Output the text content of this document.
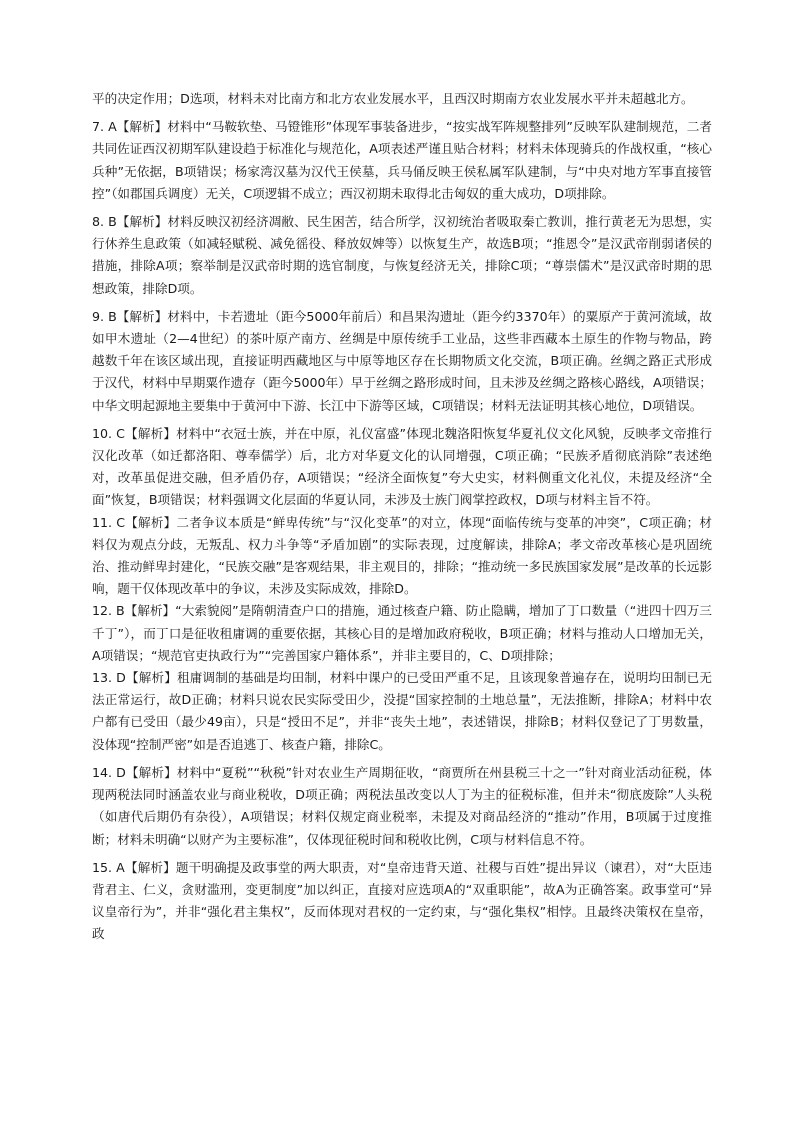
平的决定作用；D选项，材料未对比南方和北方农业发展水平，且西汉时期南方农业发展水平并未超越北方。

7. A【解析】材料中“马鞍软垫、马镫锥形”体现军事装备进步，“按实战军阵规整排列”反映军队建制规范，二者共同佐证西汉初期军队建设趋于标准化与规范化，A项表述严谨且贴合材料；材料未体现骑兵的作战权重，“核心兵种”无依据，B项错误；杨家湾汉墓为汉代王侯墓，兵马俑反映王侯私属军队建制，与“中央对地方军事直接管控”（如郡国兵调度）无关，C项逻辑不成立；西汉初期未取得北击匈奴的重大成功，D项排除。

8. B【解析】材料反映汉初经济凋敝、民生困苦，结合所学，汉初统治者吸取秦亡教训，推行黄老无为思想，实行休养生息政策（如减轻赋税、减免徭役、释放奴婢等）以恢复生产，故选B项；“推恩令”是汉武帝削弱诸侯的措施，排除A项；察举制是汉武帝时期的选官制度，与恢复经济无关，排除C项；“尊崇儒术”是汉武帝时期的思想政策，排除D项。

9. B【解析】材料中，卡若遗址（距今5000年前后）和昌果沟遗址（距今约3370年）的粟原产于黄河流域，故如甲木遗址（2—4世纪）的茶叶原产南方、丝绸是中原传统手工业品，这些非西藏本土原生的作物与物品，跨越数千年在该区域出现，直接证明西藏地区与中原等地区存在长期物质文化交流，B项正确。丝绸之路正式形成于汉代，材料中早期粟作遗存（距今5000年）早于丝绸之路形成时间，且未涉及丝绸之路核心路线，A项错误；中华文明起源地主要集中于黄河中下游、长江中下游等区域，C项错误；材料无法证明其核心地位，D项错误。

10. C【解析】材料中“衣冠士族，并在中原，礼仪富盛”体现北魏洛阳恢复华夏礼仪文化风貌，反映孝文帝推行汉化改革（如迁都洛阳、尊奉儒学）后，北方对华夏文化的认同增强，C项正确；“民族矛盾彻底消除”表述绝对，改革虽促进交融，但矛盾仍存，A项错误；“经济全面恢复”夸大史实，材料侧重文化礼仪，未提及经济“全面”恢复，B项错误；材料强调文化层面的华夏认同，未涉及士族门阀掌控政权，D项与材料主旨不符。

11. C【解析】二者争议本质是“鲜卑传统”与“汉化变革”的对立，体现“面临传统与变革的冲突”，C项正确；材料仅为观点分歧，无叛乱、权力斗争等“矛盾加剧”的实际表现，过度解读，排除A；孝文帝改革核心是巩固统治、推动鲜卑封建化，“民族交融”是客观结果，非主观目的，排除；“推动统一多民族国家发展”是改革的长远影响，题干仅体现改革中的争议，未涉及实际成效，排除D。

12. B【解析】“大索貌阅”是隋朝清查户口的措施，通过核查户籍、防止隐瞒，增加了丁口数量（“进四十四万三千丁”），而丁口是征收租庸调的重要依据，其核心目的是增加政府税收，B项正确；材料与推动人口增加无关，A项错误；“规范官吏执政行为”“完善国家户籍体系”，并非主要目的，C、D项排除；

13. D【解析】租庸调制的基础是均田制，材料中课户的已受田严重不足，且该现象普遍存在，说明均田制已无法正常运行，故D正确；材料只说农民实际受田少，没提“国家控制的土地总量”，无法推断，排除A；材料中农户都有已受田（最少49亩），只是“授田不足”，并非“丧失土地”，表述错误，排除B；材料仅登记了丁男数量，没体现“控制严密”如是否追逃丁、核查户籍，排除C。

14. D【解析】材料中“夏税”“秋税”针对农业生产周期征收，“商贾所在州县税三十之一”针对商业活动征税，体现两税法同时涵盖农业与商业税收，D项正确；两税法虽改变以人丁为主的征税标准，但并未“彻底废除”人头税（如唐代后期仍有杂役），A项错误；材料仅规定商业税率，未提及对商品经济的“推动”作用，B项属于过度推断；材料未明确“以财产为主要标准”，仅体现征税时间和税收比例，C项与材料信息不符。

15. A【解析】题干明确提及政事堂的两大职责，对“皇帝违背天道、社稷与百姓”提出异议（谏君），对“大臣违背君主、仁义，贪财滥刑，变更制度”加以纠正，直接对应选项A的“双重职能”，故A为正确答案。政事堂可“异议皇帝行为”，并非“强化君主集权”，反而体现对君权的一定约束，与“强化集权”相悖。且最终决策权在皇帝，政
